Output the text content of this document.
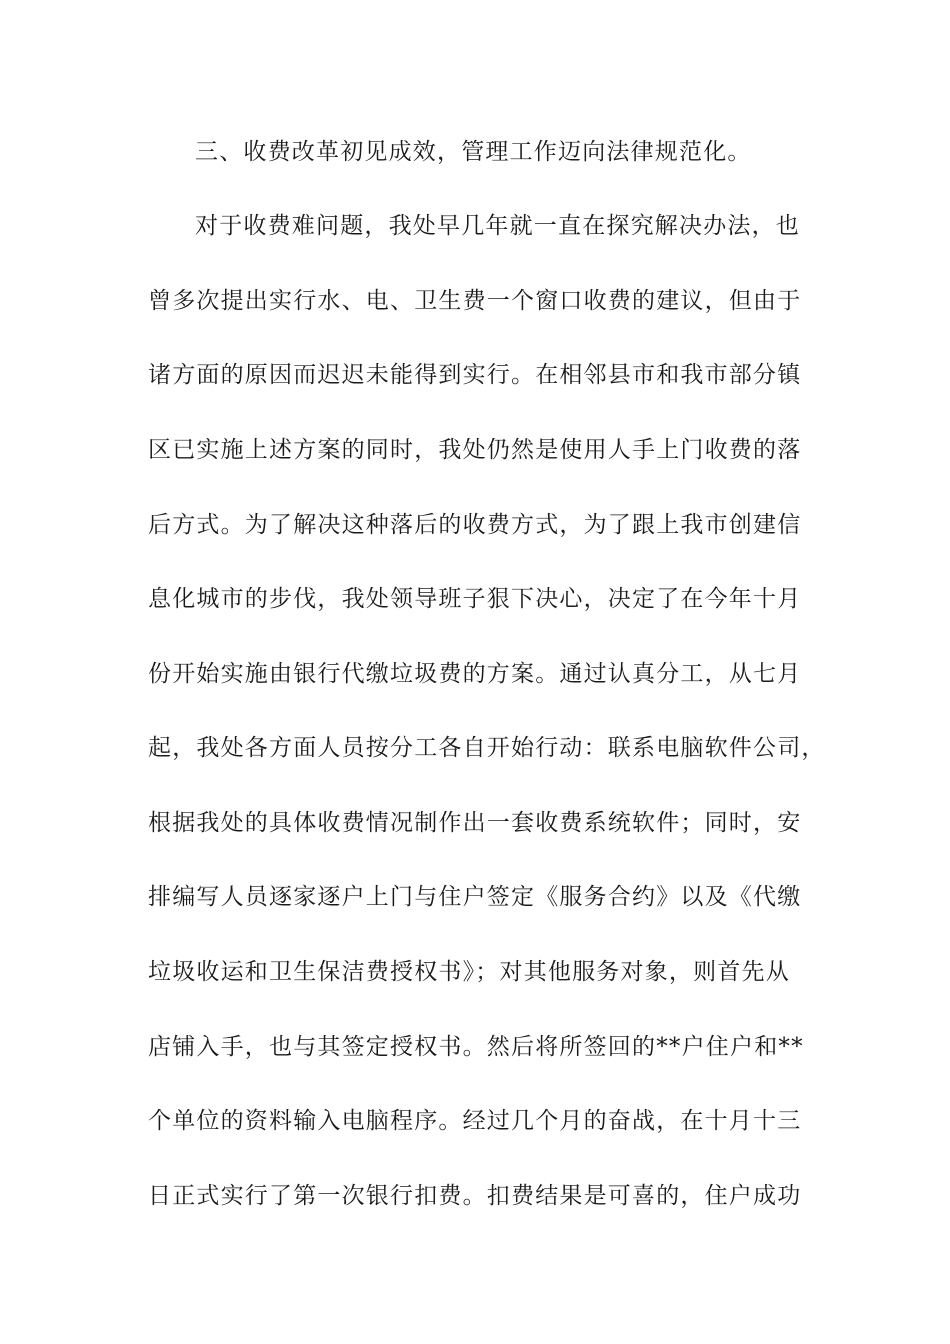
三、收费改革初见成效，管理工作迈向法律规范化。
对于收费难问题，我处早几年就一直在探究解决办法，也
曾多次提出实行水、电、卫生费一个窗口收费的建议，但由于
诸方面的原因而迟迟未能得到实行。在相邻县市和我市部分镇
区已实施上述方案的同时，我处仍然是使用人手上门收费的落
后方式。为了解决这种落后的收费方式，为了跟上我市创建信
息化城市的步伐，我处领导班子狠下决心，决定了在今年十月
份开始实施由银行代缴垃圾费的方案。通过认真分工，从七月
起，我处各方面人员按分工各自开始行动：联系电脑软件公司，
根据我处的具体收费情况制作出一套收费系统软件；同时，安
排编写人员逐家逐户上门与住户签定《服务合约》以及《代缴
垃圾收运和卫生保洁费授权书》；对其他服务对象，则首先从
店铺入手，也与其签定授权书。然后将所签回的**户住户和**
个单位的资料输入电脑程序。经过几个月的奋战，在十月十三
日正式实行了第一次银行扣费。扣费结果是可喜的，住户成功
